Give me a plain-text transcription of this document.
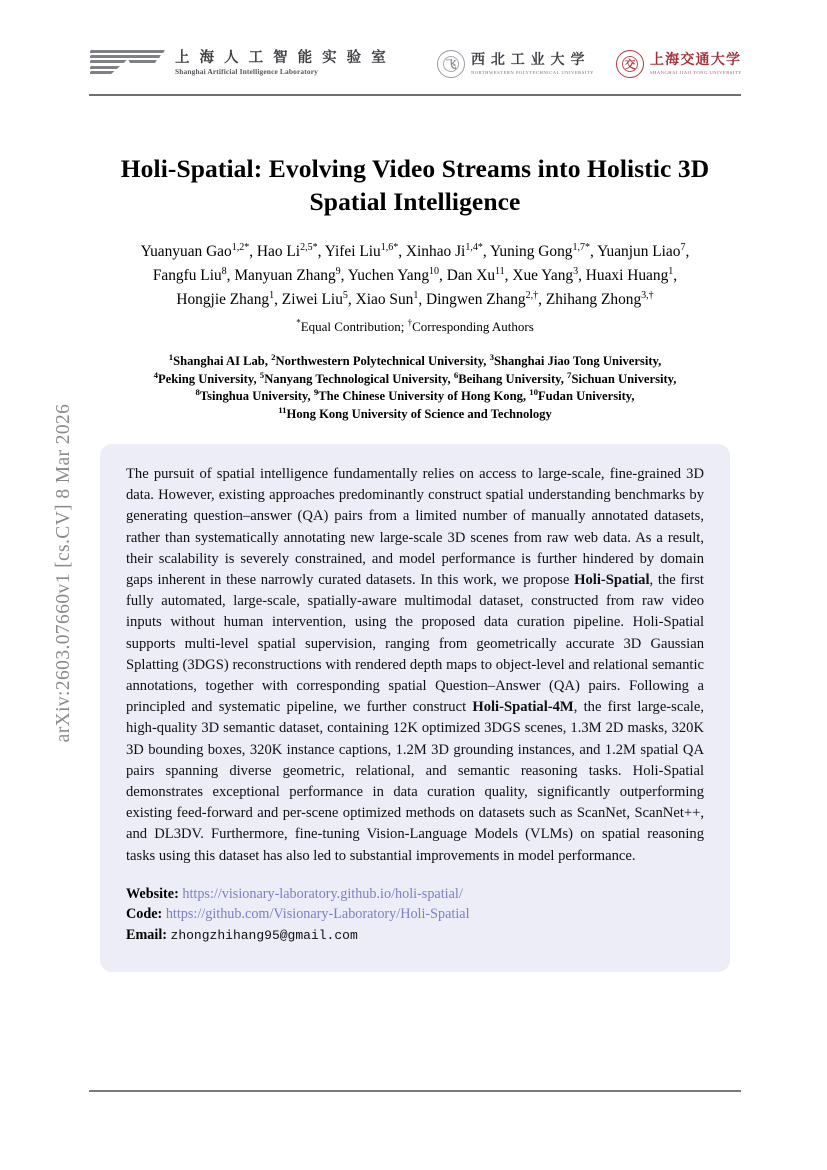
arXiv:2603.07660v1 [cs.CV] 8 Mar 2026
上 海 人 工 智 能 实 验 室
Shanghai Artificial Intelligence Laboratory
飞	西 北 工 业 大 学
NORTHWESTERN POLYTECHNICAL UNIVERSITY
交	上海交通大学
SHANGHAI JIAO TONG UNIVERSITY
Holi-Spatial: Evolving Video Streams into Holistic 3D Spatial Intelligence
Yuanyuan Gao$^{1,2*}$, Hao $Li^{2,5*}$, Yifei Liu$^{1,6*}$, Xinhao $Ji^{1,4*}$, Yuning Gong$^{1,7*}$, Yuanjun Liao$^7$,
Fangfu Liu$^8$, Manyuan Zhang$^9$, Yuchen Yang$^{10}$, Dan Xu$^{11}$, Xue Yang$^3$, Huaxi Huang$^1$,
Hongjie Zhang$^1$, Ziwei Liu$^5$, Xiao Sun$^1$, Dingwen Zhang$^{2,\dagger}$, Zhihang Zhong$^{3,\dagger}$
*Equal Contribution; †Corresponding Authors
$^1$Shanghai AI Lab, $^2$Northwestern Polytechnical University, $^3$Shanghai Jiao Tong University,
$^4$Peking University, $^5$Nanyang Technological University, $^6$Beihang University, $^7$Sichuan University,
$^8$Tsinghua University, $^9$The Chinese University of Hong Kong, $^{10}$Fudan University,
$^{11}$Hong Kong University of Science and Technology
The pursuit of spatial intelligence fundamentally relies on access to large-scale, fine-grained 3D data. However, existing approaches predominantly construct spatial understanding benchmarks by generating question–answer (QA) pairs from a limited number of manually annotated datasets, rather than systematically annotating new large-scale 3D scenes from raw web data. As a result, their scalability is severely constrained, and model performance is further hindered by domain gaps inherent in these narrowly curated datasets. In this work, we propose Holi-Spatial, the first fully automated, large-scale, spatially-aware multimodal dataset, constructed from raw video inputs without human intervention, using the proposed data curation pipeline. Holi-Spatial supports multi-level spatial supervision, ranging from geometrically accurate 3D Gaussian Splatting (3DGS) reconstructions with rendered depth maps to object-level and relational semantic annotations, together with corresponding spatial Question–Answer (QA) pairs. Following a principled and systematic pipeline, we further construct Holi-Spatial-4M, the first large-scale, high-quality 3D semantic dataset, containing 12K optimized 3DGS scenes, 1.3M 2D masks, 320K 3D bounding boxes, 320K instance captions, 1.2M 3D grounding instances, and 1.2M spatial QA pairs spanning diverse geometric, relational, and semantic reasoning tasks. Holi-Spatial demonstrates exceptional performance in data curation quality, significantly outperforming existing feed-forward and per-scene optimized methods on datasets such as ScanNet, ScanNet++, and DL3DV. Furthermore, fine-tuning Vision-Language Models (VLMs) on spatial reasoning tasks using this dataset has also led to substantial improvements in model performance.
Website: https://visionary-laboratory.github.io/holi-spatial/
Code: https://github.com/Visionary-Laboratory/Holi-Spatial
Email: zhongzhihang95@gmail.com
